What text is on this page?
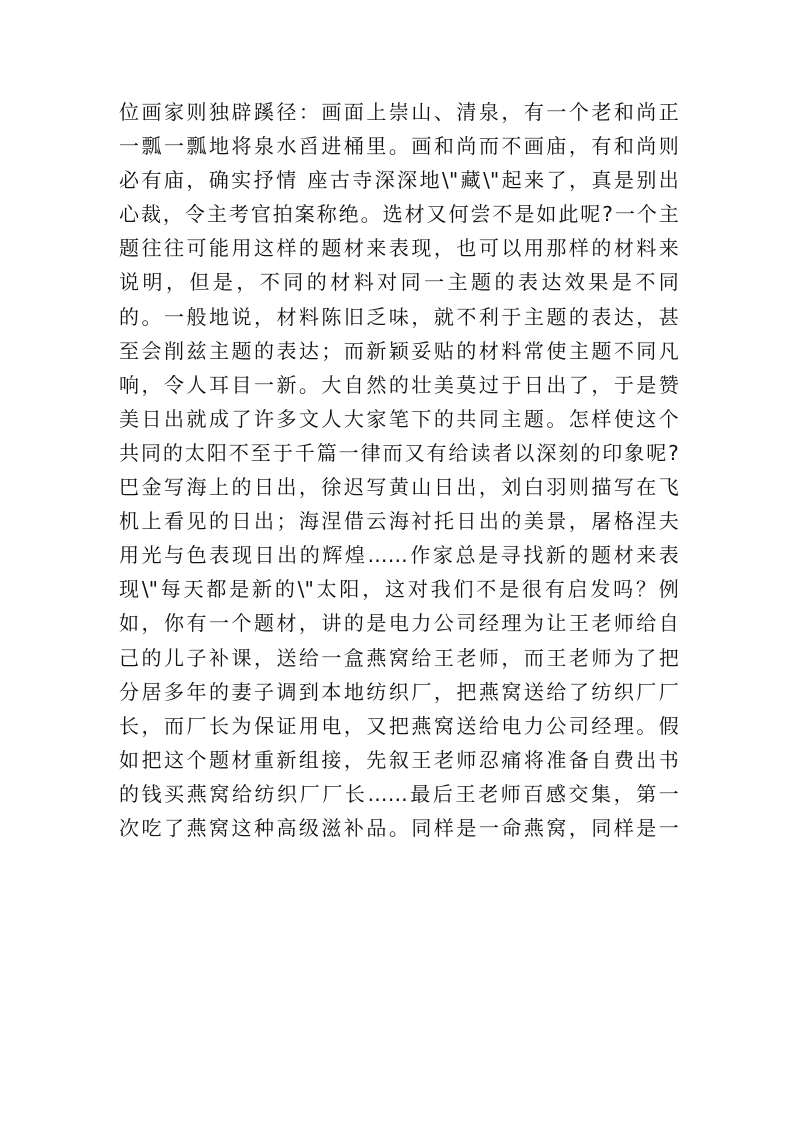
位画家则独辟蹊径：画面上崇山、清泉，有一个老和尚正
一瓢一瓢地将泉水舀进桶里。画和尚而不画庙，有和尚则
必有庙，确实抒情 座古寺深深地\"藏\"起来了，真是别出
心裁，令主考官拍案称绝。选材又何尝不是如此呢?一个主
题往往可能用这样的题材来表现，也可以用那样的材料来
说明，但是，不同的材料对同一主题的表达效果是不同
的。一般地说，材料陈旧乏味，就不利于主题的表达，甚
至会削兹主题的表达；而新颖妥贴的材料常使主题不同凡
响，令人耳目一新。大自然的壮美莫过于日出了，于是赞
美日出就成了许多文人大家笔下的共同主题。怎样使这个
共同的太阳不至于千篇一律而又有给读者以深刻的印象呢?
巴金写海上的日出，徐迟写黄山日出，刘白羽则描写在飞
机上看见的日出；海涅借云海衬托日出的美景，屠格涅夫
用光与色表现日出的辉煌……作家总是寻找新的题材来表
现\"每天都是新的\"太阳，这对我们不是很有启发吗？例
如，你有一个题材，讲的是电力公司经理为让王老师给自
己的儿子补课，送给一盒燕窝给王老师，而王老师为了把
分居多年的妻子调到本地纺织厂，把燕窝送给了纺织厂厂
长，而厂长为保证用电，又把燕窝送给电力公司经理。假
如把这个题材重新组接，先叙王老师忍痛将准备自费出书
的钱买燕窝给纺织厂厂长……最后王老师百感交集，第一
次吃了燕窝这种高级滋补品。同样是一命燕窝，同样是一
